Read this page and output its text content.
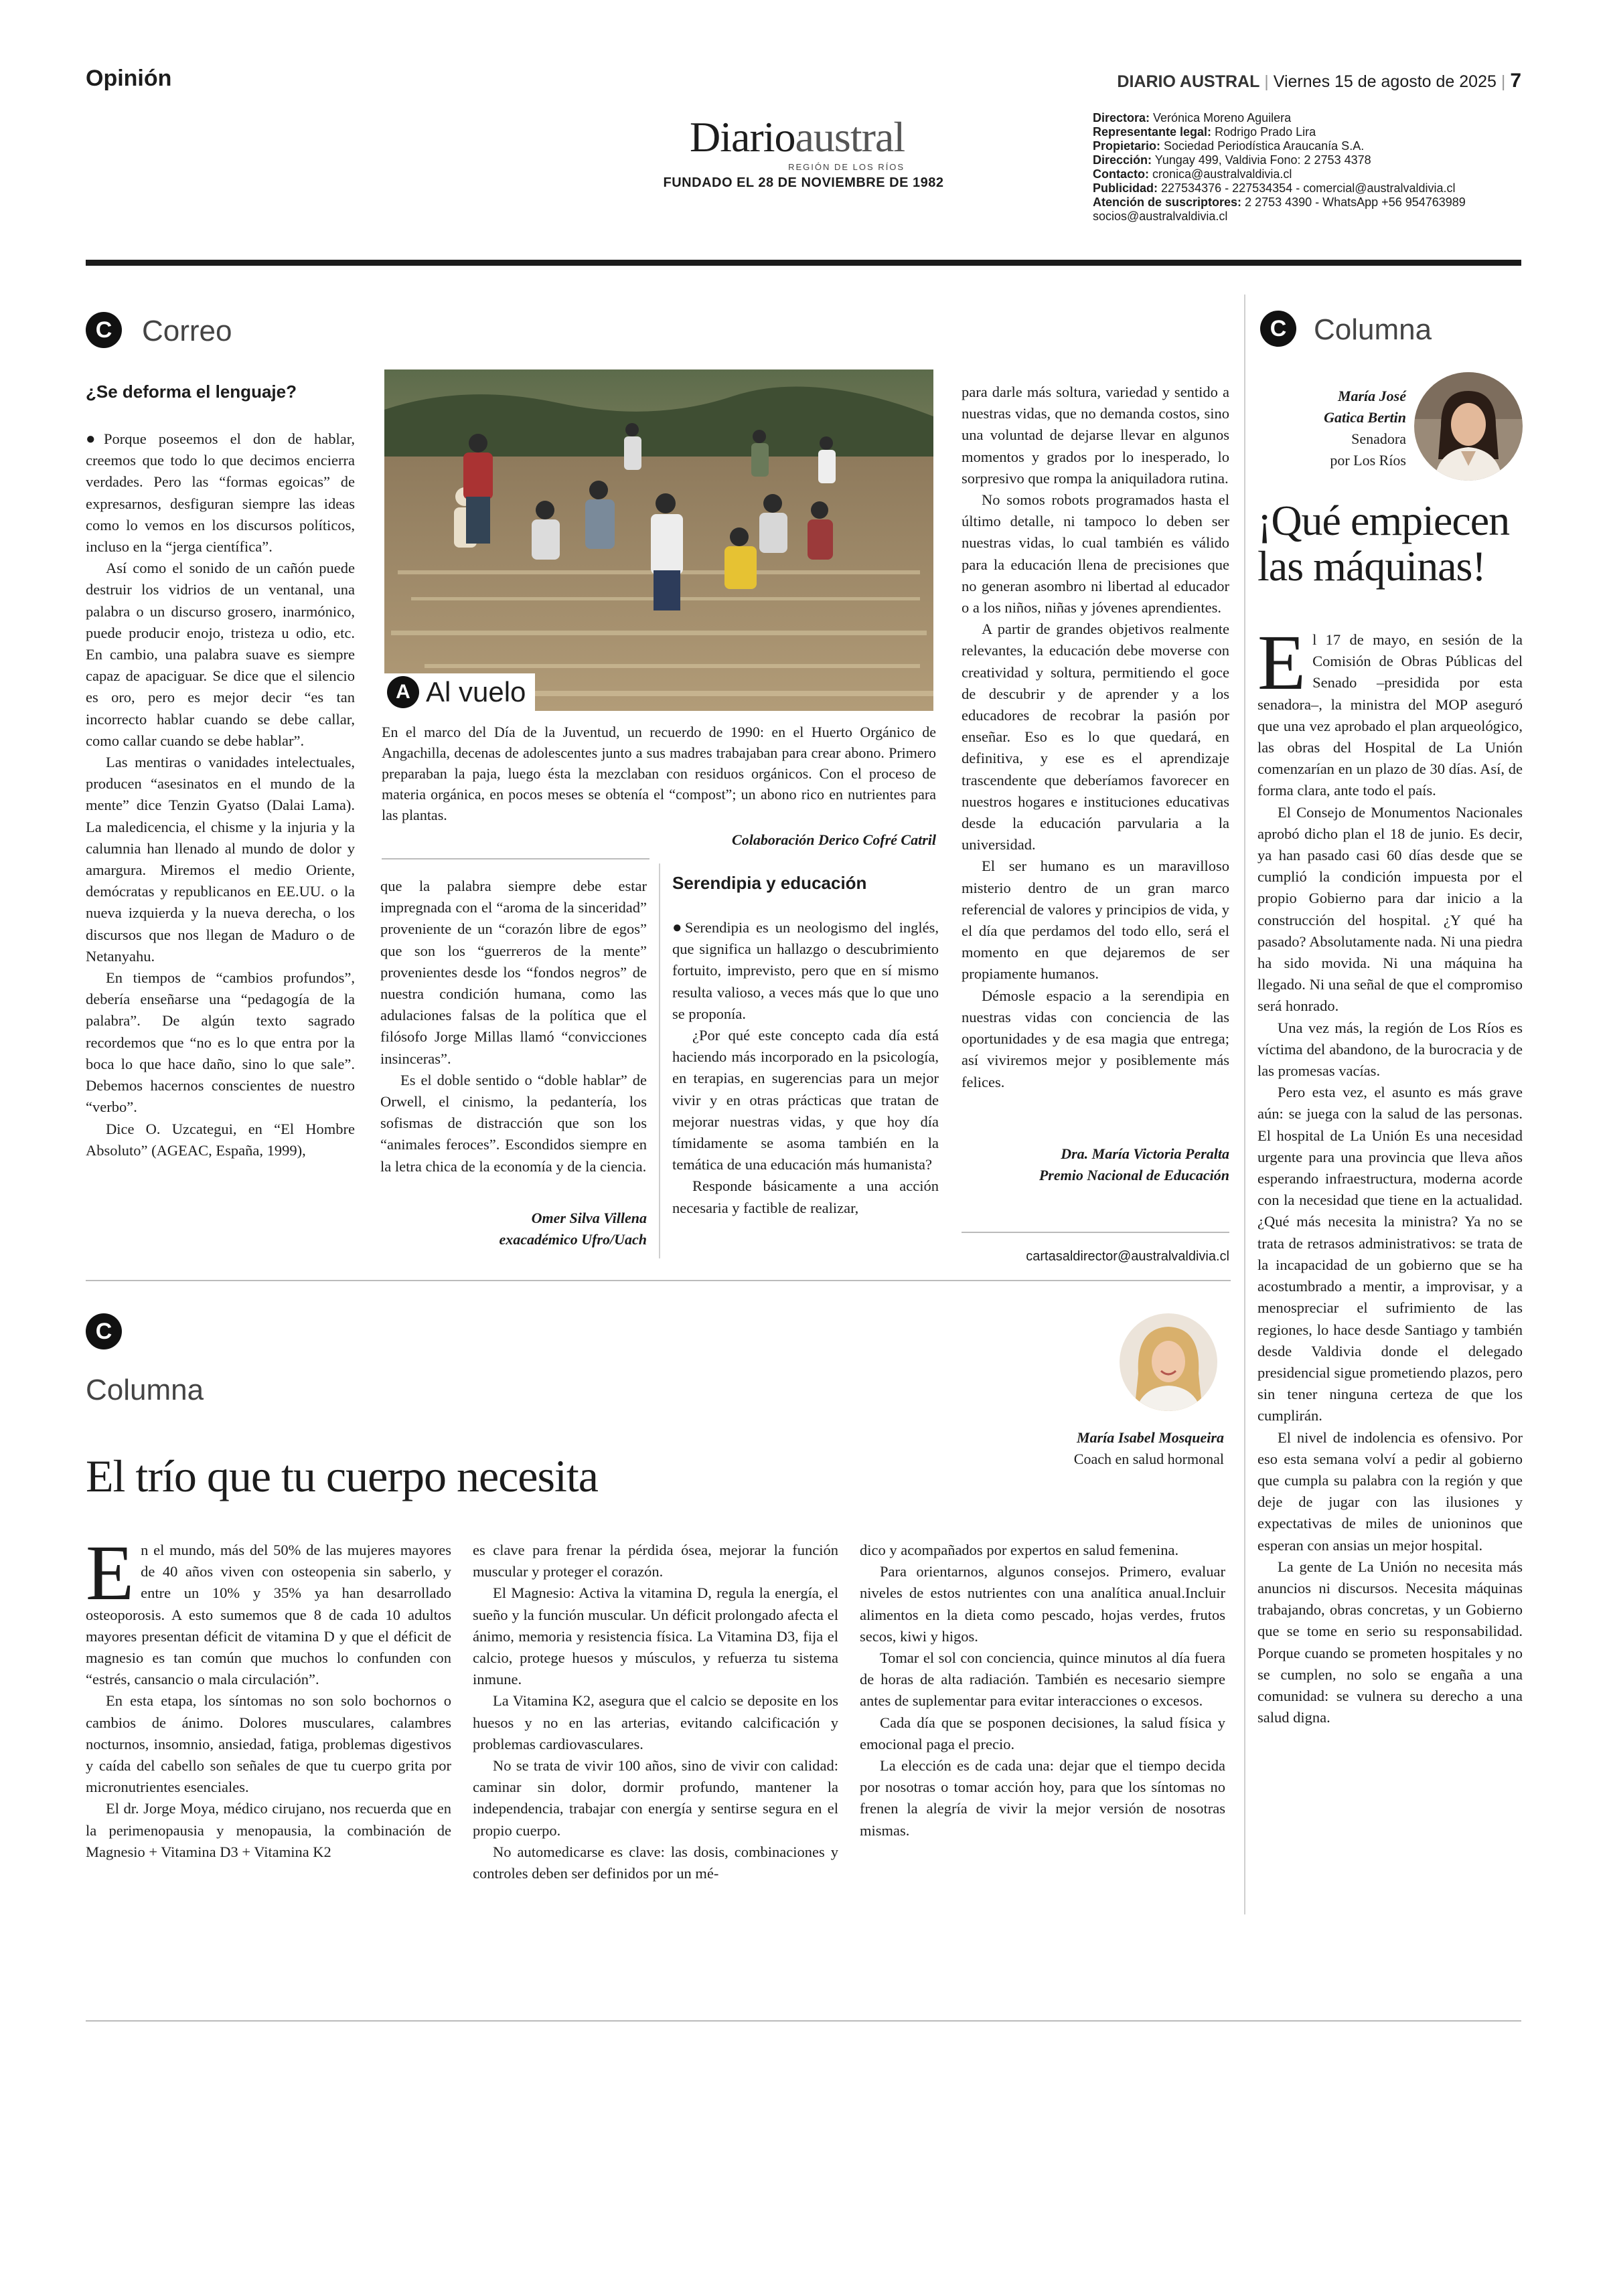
Opinión	DIARIO AUSTRAL | Viernes 15 de agosto de 2025 | 7
Diarioaustral
REGIÓN DE LOS RÍOS
FUNDADO EL 28 DE NOVIEMBRE DE 1982
Directora: Verónica Moreno Aguilera
Representante legal: Rodrigo Prado Lira
Propietario: Sociedad Periodística Araucanía S.A.
Dirección: Yungay 499, Valdivia Fono: 2 2753 4378
Contacto: cronica@australvaldivia.cl
Publicidad: 227534376 - 227534354 - comercial@australvaldivia.cl
Atención de suscriptores: 2 2753 4390 - WhatsApp +56 954763989
socios@australvaldivia.cl
C	Correo
¿Se deforma el lenguaje?

●Porque poseemos el don de hablar, creemos que todo lo que decimos encierra verdades. Pero las “formas egoicas” de expresarnos, desfiguran siempre las ideas como lo vemos en los discursos políticos, incluso en la “jerga científica”.

Así como el sonido de un cañón puede destruir los vidrios de un ventanal, una palabra o un discurso grosero, inarmónico, puede producir enojo, tristeza u odio, etc. En cambio, una palabra suave es siempre capaz de apaciguar. Se dice que el silencio es oro, pero es mejor decir “es tan incorrecto hablar cuando se debe callar, como callar cuando se debe hablar”.

Las mentiras o vanidades intelectuales, producen “asesinatos en el mundo de la mente” dice Tenzin Gyatso (Dalai Lama). La maledicencia, el chisme y la injuria y la calumnia han llenado al mundo de dolor y amargura. Miremos el medio Oriente, demócratas y republicanos en EE.UU. o la nueva izquierda y la nueva derecha, o los discursos que nos llegan de Maduro o de Netanyahu.

En tiempos de “cambios profundos”, debería enseñarse una “pedagogía de la palabra”. De algún texto sagrado recordemos que “no es lo que entra por la boca lo que hace daño, sino lo que sale”. Debemos hacernos conscientes de nuestro “verbo”.

Dice O. Uzcategui, en “El Hombre Absoluto” (AGEAC, España, 1999),

A Al vuelo
En el marco del Día de la Juventud, un recuerdo de 1990: en el Huerto Orgánico de Angachilla, decenas de adolescentes junto a sus madres trabajaban para crear abono. Primero preparaban la paja, luego ésta la mezclaban con residuos orgánicos. Con el proceso de materia orgánica, en pocos meses se obtenía el “compost”; un abono rico en nutrientes para las plantas.
Colaboración Derico Cofré Catril

que la palabra siempre debe estar impregnada con el “aroma de la sinceridad” proveniente de un “corazón libre de egos” que son los “guerreros de la mente” provenientes desde los “fondos negros” de nuestra condición humana, como las adulaciones falsas de la política que el filósofo Jorge Millas llamó “convicciones insinceras”.

Es el doble sentido o “doble hablar” de Orwell, el cinismo, la pedantería, los sofismas de distracción que son los “animales feroces”. Escondidos siempre en la letra chica de la economía y de la ciencia.

Omer Silva Villena
exacadémico Ufro/Uach
Serendipia y educación

●Serendipia es un neologismo del inglés, que significa un hallazgo o descubrimiento fortuito, imprevisto, pero que en sí mismo resulta valioso, a veces más que lo que uno se proponía.

¿Por qué este concepto cada día está haciendo más incorporado en la psicología, en terapias, en sugerencias para un mejor vivir y en otras prácticas que tratan de mejorar nuestras vidas, y que hoy día tímidamente se asoma también en la temática de una educación más humanista?

Responde básicamente a una acción necesaria y factible de realizar,

para darle más soltura, variedad y sentido a nuestras vidas, que no demanda costos, sino una voluntad de dejarse llevar en algunos momentos y grados por lo inesperado, lo sorpresivo que rompa la aniquiladora rutina.

No somos robots programados hasta el último detalle, ni tampoco lo deben ser nuestras vidas, lo cual también es válido para la educación llena de precisiones que no generan asombro ni libertad al educador o a los niños, niñas y jóvenes aprendientes.

A partir de grandes objetivos realmente relevantes, la educación debe moverse con creatividad y soltura, permitiendo el goce de descubrir y de aprender y a los educadores de recobrar la pasión por enseñar. Eso es lo que quedará, en definitiva, y ese es el aprendizaje trascendente que deberíamos favorecer en nuestros hogares e instituciones educativas desde la educación parvularia a la universidad.

El ser humano es un maravilloso misterio dentro de un gran marco referencial de valores y principios de vida, y el día que perdamos del todo ello, será el momento en que dejaremos de ser propiamente humanos.

Démosle espacio a la serendipia en nuestras vidas con conciencia de las oportunidades y de esa magia que entrega; así viviremos mejor y posiblemente más felices.

Dra. María Victoria Peralta
Premio Nacional de Educación
cartasaldirector@australvaldivia.cl
C Columna
María José
Gatica Bertin
Senadora
por Los Ríos
¡Qué empiecen las máquinas!

El 17 de mayo, en sesión de la Comisión de Obras Públicas del Senado –presidida por esta senadora–, la ministra del MOP aseguró que una vez aprobado el plan arqueológico, las obras del Hospital de La Unión comenzarían en un plazo de 30 días. Así, de forma clara, ante todo el país.

El Consejo de Monumentos Nacionales aprobó dicho plan el 18 de junio. Es decir, ya han pasado casi 60 días desde que se cumplió la condición impuesta por el propio Gobierno para dar inicio a la construcción del hospital. ¿Y qué ha pasado? Absolutamente nada. Ni una piedra ha sido movida. Ni una máquina ha llegado. Ni una señal de que el compromiso será honrado.

Una vez más, la región de Los Ríos es víctima del abandono, de la burocracia y de las promesas vacías.

Pero esta vez, el asunto es más grave aún: se juega con la salud de las personas. El hospital de La Unión Es una necesidad urgente para una provincia que lleva años esperando infraestructura, moderna acorde con la necesidad que tiene en la actualidad. ¿Qué más necesita la ministra? Ya no se trata de retrasos administrativos: se trata de la incapacidad de un gobierno que se ha acostumbrado a mentir, a improvisar, y a menospreciar el sufrimiento de las regiones, lo hace desde Santiago y también desde Valdivia donde el delegado presidencial sigue prometiendo plazos, pero sin tener ninguna certeza de que los cumplirán.

El nivel de indolencia es ofensivo. Por eso esta semana volví a pedir al gobierno que cumpla su palabra con la región y que deje de jugar con las ilusiones y expectativas de miles de unioninos que esperan con ansias un mejor hospital.

La gente de La Unión no necesita más anuncios ni discursos. Necesita máquinas trabajando, obras concretas, y un Gobierno que se tome en serio su responsabilidad. Porque cuando se prometen hospitales y no se cumplen, no solo se engaña a una comunidad: se vulnera su derecho a una salud digna.

C
Columna
María Isabel Mosqueira
Coach en salud hormonal
El trío que tu cuerpo necesita

En el mundo, más del 50% de las mujeres mayores de 40 años viven con osteopenia sin saberlo, y entre un 10% y 35% ya han desarrollado osteoporosis. A esto sumemos que 8 de cada 10 adultos mayores presentan déficit de vitamina D y que el déficit de magnesio es tan común que muchos lo confunden con “estrés, cansancio o mala circulación”.

En esta etapa, los síntomas no son solo bochornos o cambios de ánimo. Dolores musculares, calambres nocturnos, insomnio, ansiedad, fatiga, problemas digestivos y caída del cabello son señales de que tu cuerpo grita por micronutrientes esenciales.

El dr. Jorge Moya, médico cirujano, nos recuerda que en la perimenopausia y menopausia, la combinación de Magnesio + Vitamina D3 + Vitamina K2

es clave para frenar la pérdida ósea, mejorar la función muscular y proteger el corazón.

El Magnesio: Activa la vitamina D, regula la energía, el sueño y la función muscular. Un déficit prolongado afecta el ánimo, memoria y resistencia física. La Vitamina D3, fija el calcio, protege huesos y músculos, y refuerza tu sistema inmune.

La Vitamina K2, asegura que el calcio se deposite en los huesos y no en las arterias, evitando calcificación y problemas cardiovasculares.

No se trata de vivir 100 años, sino de vivir con calidad: caminar sin dolor, dormir profundo, mantener la independencia, trabajar con energía y sentirse segura en el propio cuerpo.

No automedicarse es clave: las dosis, combinaciones y controles deben ser definidos por un mé-

dico y acompañados por expertos en salud femenina.

Para orientarnos, algunos consejos. Primero, evaluar niveles de estos nutrientes con una analítica anual.Incluir alimentos en la dieta como pescado, hojas verdes, frutos secos, kiwi y higos.

Tomar el sol con conciencia, quince minutos al día fuera de horas de alta radiación. También es necesario siempre antes de suplementar para evitar interacciones o excesos.

Cada día que se posponen decisiones, la salud física y emocional paga el precio.

La elección es de cada una: dejar que el tiempo decida por nosotras o tomar acción hoy, para que los síntomas no frenen la alegría de vivir la mejor versión de nosotras mismas.
